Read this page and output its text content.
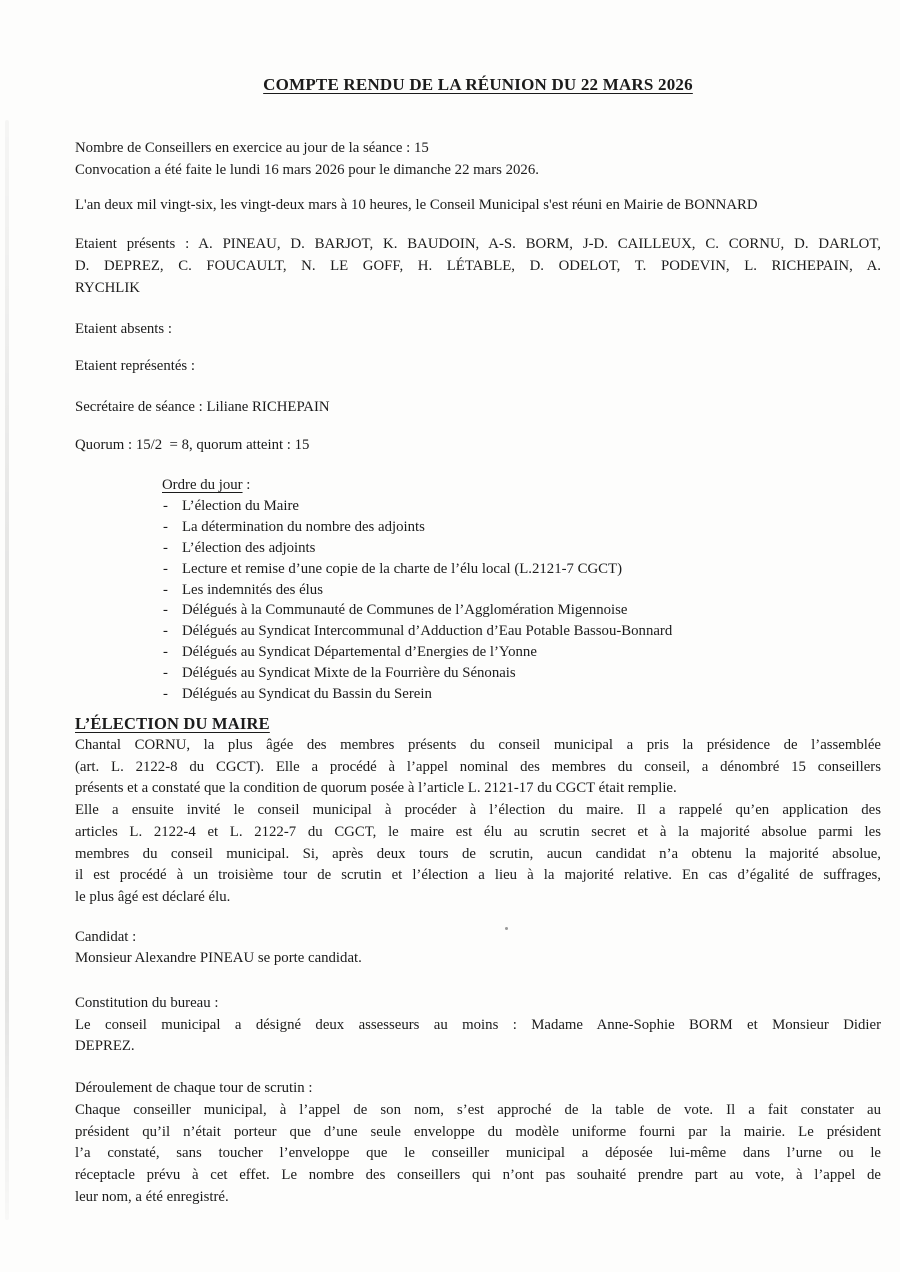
COMPTE RENDU DE LA RÉUNION DU 22 MARS 2026

Nombre de Conseillers en exercice au jour de la séance : 15

Convocation a été faite le lundi 16 mars 2026 pour le dimanche 22 mars 2026.

L'an deux mil vingt-six, les vingt-deux mars à 10 heures, le Conseil Municipal s'est réuni en Mairie de BONNARD

Etaient présents : A. PINEAU, D. BARJOT, K. BAUDOIN, A-S. BORM, J-D. CAILLEUX, C. CORNU, D. DARLOT,
D. DEPREZ, C. FOUCAULT, N. LE GOFF, H. LÉTABLE, D. ODELOT, T. PODEVIN, L. RICHEPAIN, A.
RYCHLIK

Etaient absents :

Etaient représentés :

Secrétaire de séance : Liliane RICHEPAIN

Quorum : 15/2  = 8, quorum atteint : 15

Ordre du jour :
- L’élection du Maire
- La détermination du nombre des adjoints
- L’élection des adjoints
- Lecture et remise d’une copie de la charte de l’élu local (L.2121-7 CGCT)
- Les indemnités des élus
- Délégués à la Communauté de Communes de l’Agglomération Migennoise
- Délégués au Syndicat Intercommunal d’Adduction d’Eau Potable Bassou-Bonnard
- Délégués au Syndicat Départemental d’Energies de l’Yonne
- Délégués au Syndicat Mixte de la Fourrière du Sénonais
- Délégués au Syndicat du Bassin du Serein
L’ÉLECTION DU MAIRE
Chantal CORNU, la plus âgée des membres présents du conseil municipal a pris la présidence de l’assemblée
(art. L. 2122-8 du CGCT). Elle a procédé à l’appel nominal des membres du conseil, a dénombré 15 conseillers
présents et a constaté que la condition de quorum posée à l’article L. 2121-17 du CGCT était remplie.
Elle a ensuite invité le conseil municipal à procéder à l’élection du maire. Il a rappelé qu’en application des
articles L. 2122-4 et L. 2122-7 du CGCT, le maire est élu au scrutin secret et à la majorité absolue parmi les
membres du conseil municipal. Si, après deux tours de scrutin, aucun candidat n’a obtenu la majorité absolue,
il est procédé à un troisième tour de scrutin et l’élection a lieu à la majorité relative. En cas d’égalité de suffrages,
le plus âgé est déclaré élu.

Candidat :

Monsieur Alexandre PINEAU se porte candidat.

Constitution du bureau :

Le conseil municipal a désigné deux assesseurs au moins : Madame Anne-Sophie BORM et Monsieur Didier
DEPREZ.

Déroulement de chaque tour de scrutin :

Chaque conseiller municipal, à l’appel de son nom, s’est approché de la table de vote. Il a fait constater au
président qu’il n’était porteur que d’une seule enveloppe du modèle uniforme fourni par la mairie. Le président
l’a constaté, sans toucher l’enveloppe que le conseiller municipal a déposée lui-même dans l’urne ou le
réceptacle prévu à cet effet. Le nombre des conseillers qui n’ont pas souhaité prendre part au vote, à l’appel de
leur nom, a été enregistré.
